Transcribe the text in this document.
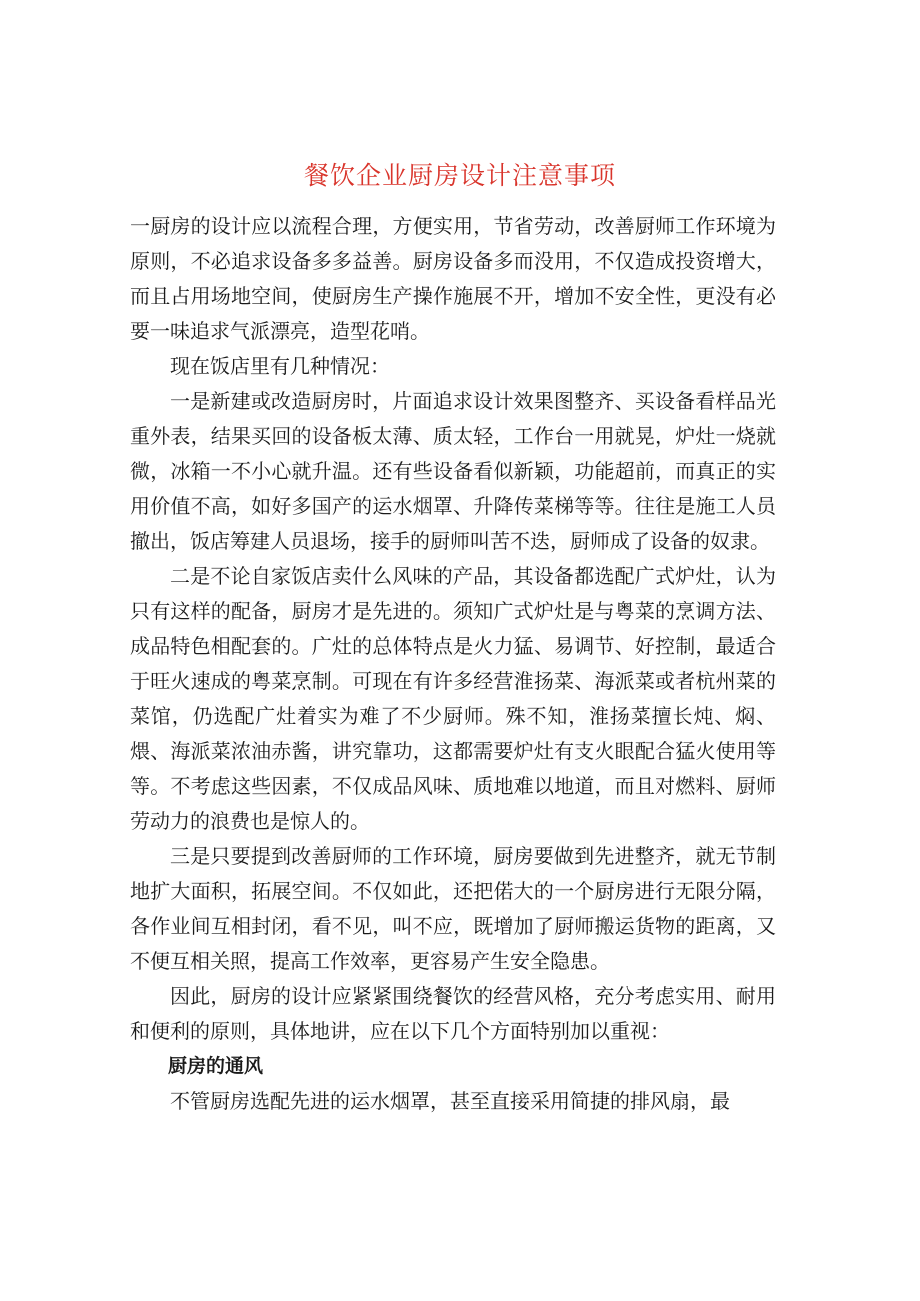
餐饮企业厨房设计注意事项

一厨房的设计应以流程合理，方便实用，节省劳动，改善厨师工作环境为原则，不必追求设备多多益善。厨房设备多而没用，不仅造成投资增大，而且占用场地空间，使厨房生产操作施展不开，增加不安全性，更没有必要一味追求气派漂亮，造型花哨。

现在饭店里有几种情况：

一是新建或改造厨房时，片面追求设计效果图整齐、买设备看样品光重外表，结果买回的设备板太薄、质太轻，工作台一用就晃，炉灶一烧就微，冰箱一不小心就升温。还有些设备看似新颖，功能超前，而真正的实用价值不高，如好多国产的运水烟罩、升降传菜梯等等。往往是施工人员撤出，饭店筹建人员退场，接手的厨师叫苦不迭，厨师成了设备的奴隶。

二是不论自家饭店卖什么风味的产品，其设备都选配广式炉灶，认为只有这样的配备，厨房才是先进的。须知广式炉灶是与粤菜的烹调方法、成品特色相配套的。广灶的总体特点是火力猛、易调节、好控制，最适合于旺火速成的粤菜烹制。可现在有许多经营淮扬菜、海派菜或者杭州菜的菜馆，仍选配广灶着实为难了不少厨师。殊不知，淮扬菜擅长炖、焖、煨、海派菜浓油赤酱，讲究靠功，这都需要炉灶有支火眼配合猛火使用等等。不考虑这些因素，不仅成品风味、质地难以地道，而且对燃料、厨师劳动力的浪费也是惊人的。

三是只要提到改善厨师的工作环境，厨房要做到先进整齐，就无节制地扩大面积，拓展空间。不仅如此，还把偌大的一个厨房进行无限分隔，各作业间互相封闭，看不见，叫不应，既增加了厨师搬运货物的距离，又不便互相关照，提高工作效率，更容易产生安全隐患。

因此，厨房的设计应紧紧围绕餐饮的经营风格，充分考虑实用、耐用和便利的原则，具体地讲，应在以下几个方面特别加以重视：

厨房的通风

不管厨房选配先进的运水烟罩，甚至直接采用简捷的排风扇，最
